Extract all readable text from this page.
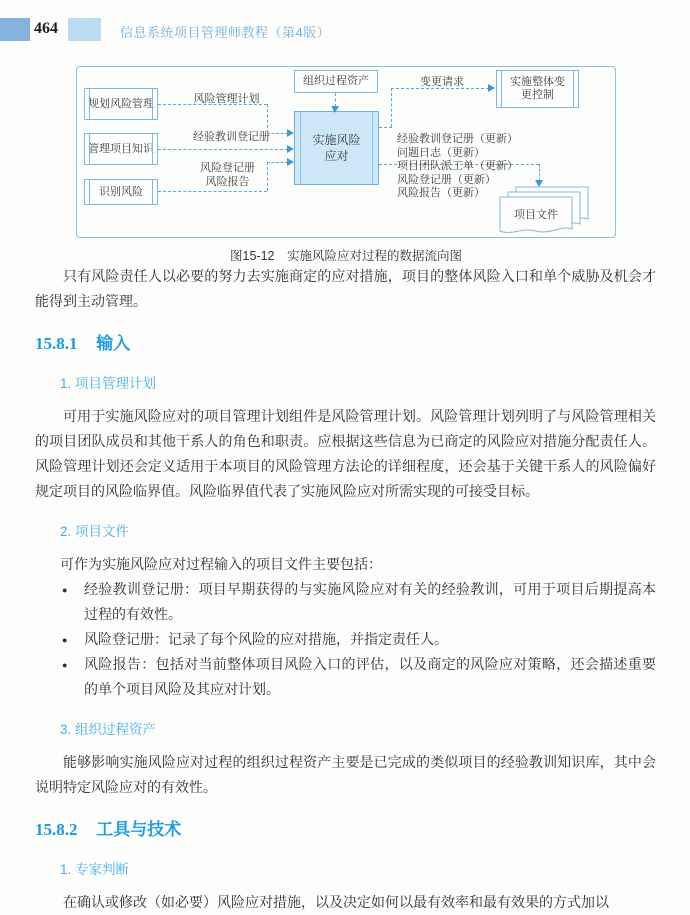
464	信息系统项目管理师教程（第4版）
规划风险管理
管理项目知识
识别风险
实施风险应对
组织过程资产	实施整体变更控制
风险管理计划
经验教训登记册
风险登记册
风险报告
变更请求
经验教训登记册（更新）
问题日志（更新）
项目团队派工单（更新）
风险登记册（更新）
风险报告（更新）
项目文件
图15-12　实施风险应对过程的数据流向图

只有风险责任人以必要的努力去实施商定的应对措施，项目的整体风险入口和单个威胁及机会才能得到主动管理。

15.8.1 输入
1. 项目管理计划

可用于实施风险应对的项目管理计划组件是风险管理计划。风险管理计划列明了与风险管理相关的项目团队成员和其他干系人的角色和职责。应根据这些信息为已商定的风险应对措施分配责任人。风险管理计划还会定义适用于本项目的风险管理方法论的详细程度，还会基于关键干系人的风险偏好规定项目的风险临界值。风险临界值代表了实施风险应对所需实现的可接受目标。

2. 项目文件

可作为实施风险应对过程输入的项目文件主要包括：

● 经验教训登记册：项目早期获得的与实施风险应对有关的经验教训，可用于项目后期提高本过程的有效性。
● 风险登记册：记录了每个风险的应对措施，并指定责任人。
● 风险报告：包括对当前整体项目风险入口的评估，以及商定的风险应对策略，还会描述重要的单个项目风险及其应对计划。
3. 组织过程资产

能够影响实施风险应对过程的组织过程资产主要是已完成的类似项目的经验教训知识库，其中会说明特定风险应对的有效性。

15.8.2 工具与技术
1. 专家判断

在确认或修改（如必要）风险应对措施，以及决定如何以最有效率和最有效果的方式加以
